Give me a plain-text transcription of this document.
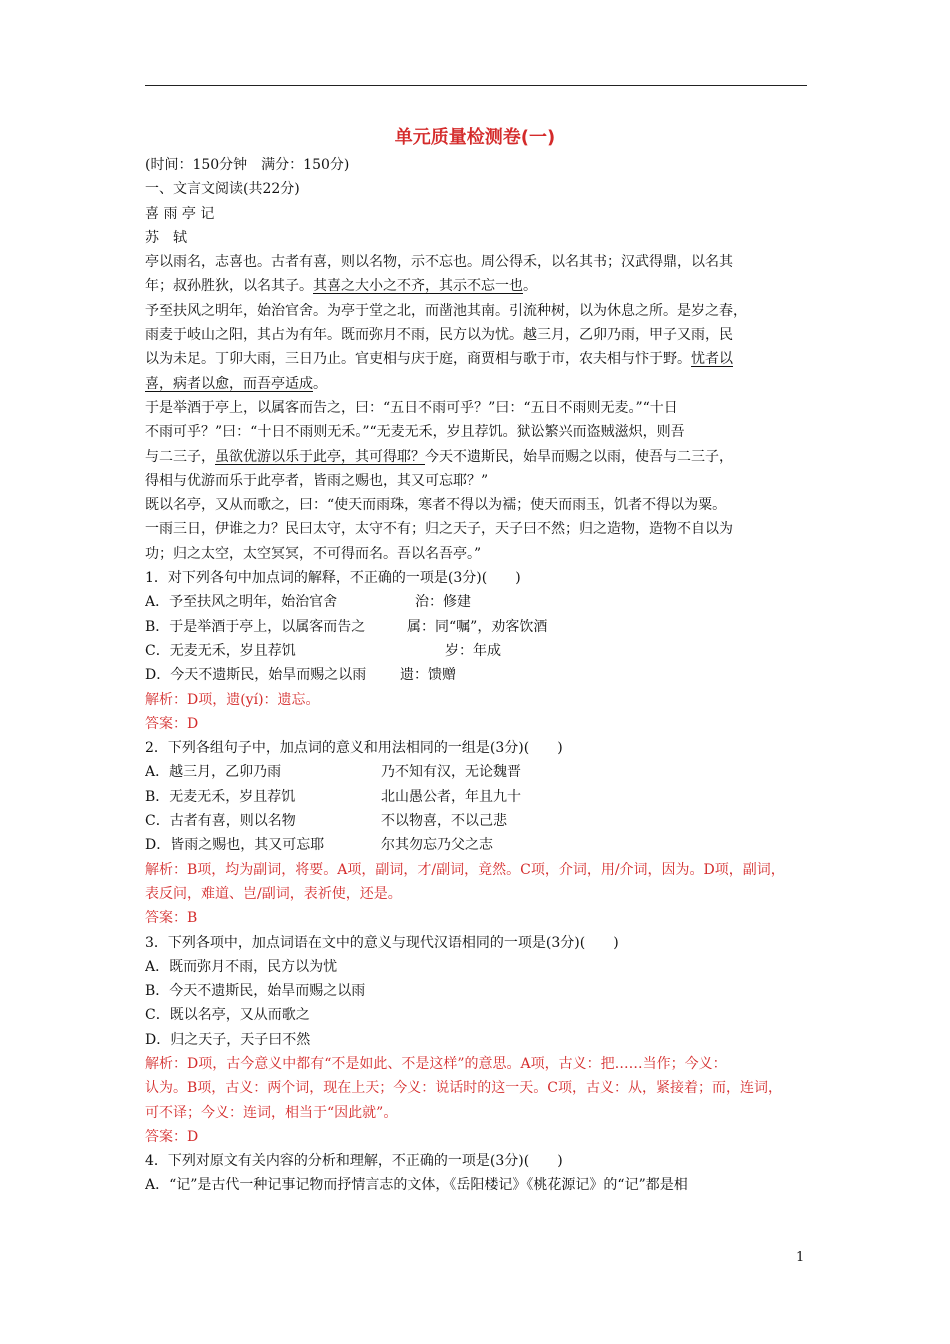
单元质量检测卷(一)
(时间：150分钟　满分：150分)
一、文言文阅读(共22分)
喜 雨 亭 记
苏　轼
亭以雨名，志喜也。古者有喜，则以名物，示不忘也。周公得禾，以名其书；汉武得鼎，以名其
年；叔孙胜狄，以名其子。其喜之大小之不齐，其示不忘一也。
予至扶风之明年，始治官舍。为亭于堂之北，而凿池其南。引流种树，以为休息之所。是岁之春，
雨麦于岐山之阳，其占为有年。既而弥月不雨，民方以为忧。越三月，乙卯乃雨，甲子又雨，民
以为未足。丁卯大雨，三日乃止。官吏相与庆于庭，商贾相与歌于市，农夫相与忭于野。忧者以
喜，病者以愈，而吾亭适成。
于是举酒于亭上，以属客而告之，曰：“五日不雨可乎？”曰：“五日不雨则无麦。”“十日
不雨可乎？”曰：“十日不雨则无禾。”“无麦无禾，岁且荐饥。狱讼繁兴而盗贼滋炽，则吾
与二三子，虽欲优游以乐于此亭，其可得耶？今天不遗斯民，始旱而赐之以雨，使吾与二三子，
得相与优游而乐于此亭者，皆雨之赐也，其又可忘耶？”
既以名亭，又从而歌之，曰：“使天而雨珠，寒者不得以为襦；使天而雨玉，饥者不得以为粟。
一雨三日，伊谁之力？民曰太守，太守不有；归之天子，天子曰不然；归之造物，造物不自以为
功；归之太空，太空冥冥，不可得而名。吾以名吾亭。”
1．对下列各句中加点词的解释，不正确的一项是(3分)(　　)
A．予至扶风之明年，始治官舍	治：修建
B．于是举酒于亭上，以属客而告之	属：同“嘱”，劝客饮酒
C．无麦无禾，岁且荐饥	岁：年成
D．今天不遗斯民，始旱而赐之以雨 遗：馈赠
解析：D项，遗(yí)：遗忘。
答案：D
2．下列各组句子中，加点词的意义和用法相同的一组是(3分)(　　)
A．越三月，乙卯乃雨	乃不知有汉，无论魏晋
B．无麦无禾，岁且荐饥	北山愚公者，年且九十
C．古者有喜，则以名物	不以物喜，不以己悲
D．皆雨之赐也，其又可忘耶	尔其勿忘乃父之志
解析：B项，均为副词，将要。A项，副词，才/副词，竟然。C项，介词，用/介词，因为。D项，副词，
表反问，难道、岂/副词，表祈使，还是。
答案：B
3．下列各项中，加点词语在文中的意义与现代汉语相同的一项是(3分)(　　)
A．既而弥月不雨，民方以为忧
B．今天不遗斯民，始旱而赐之以雨
C．既以名亭，又从而歌之
D．归之天子，天子曰不然
解析：D项，古今意义中都有“不是如此、不是这样”的意思。A项，古义：把……当作；今义：
认为。B项，古义：两个词，现在上天；今义：说话时的这一天。C项，古义：从，紧接着；而，连词，
可不译；今义：连词，相当于“因此就”。
答案：D
4．下列对原文有关内容的分析和理解，不正确的一项是(3分)(　　)
A．“记”是古代一种记事记物而抒情言志的文体，《岳阳楼记》《桃花源记》的“记”都是相
1
